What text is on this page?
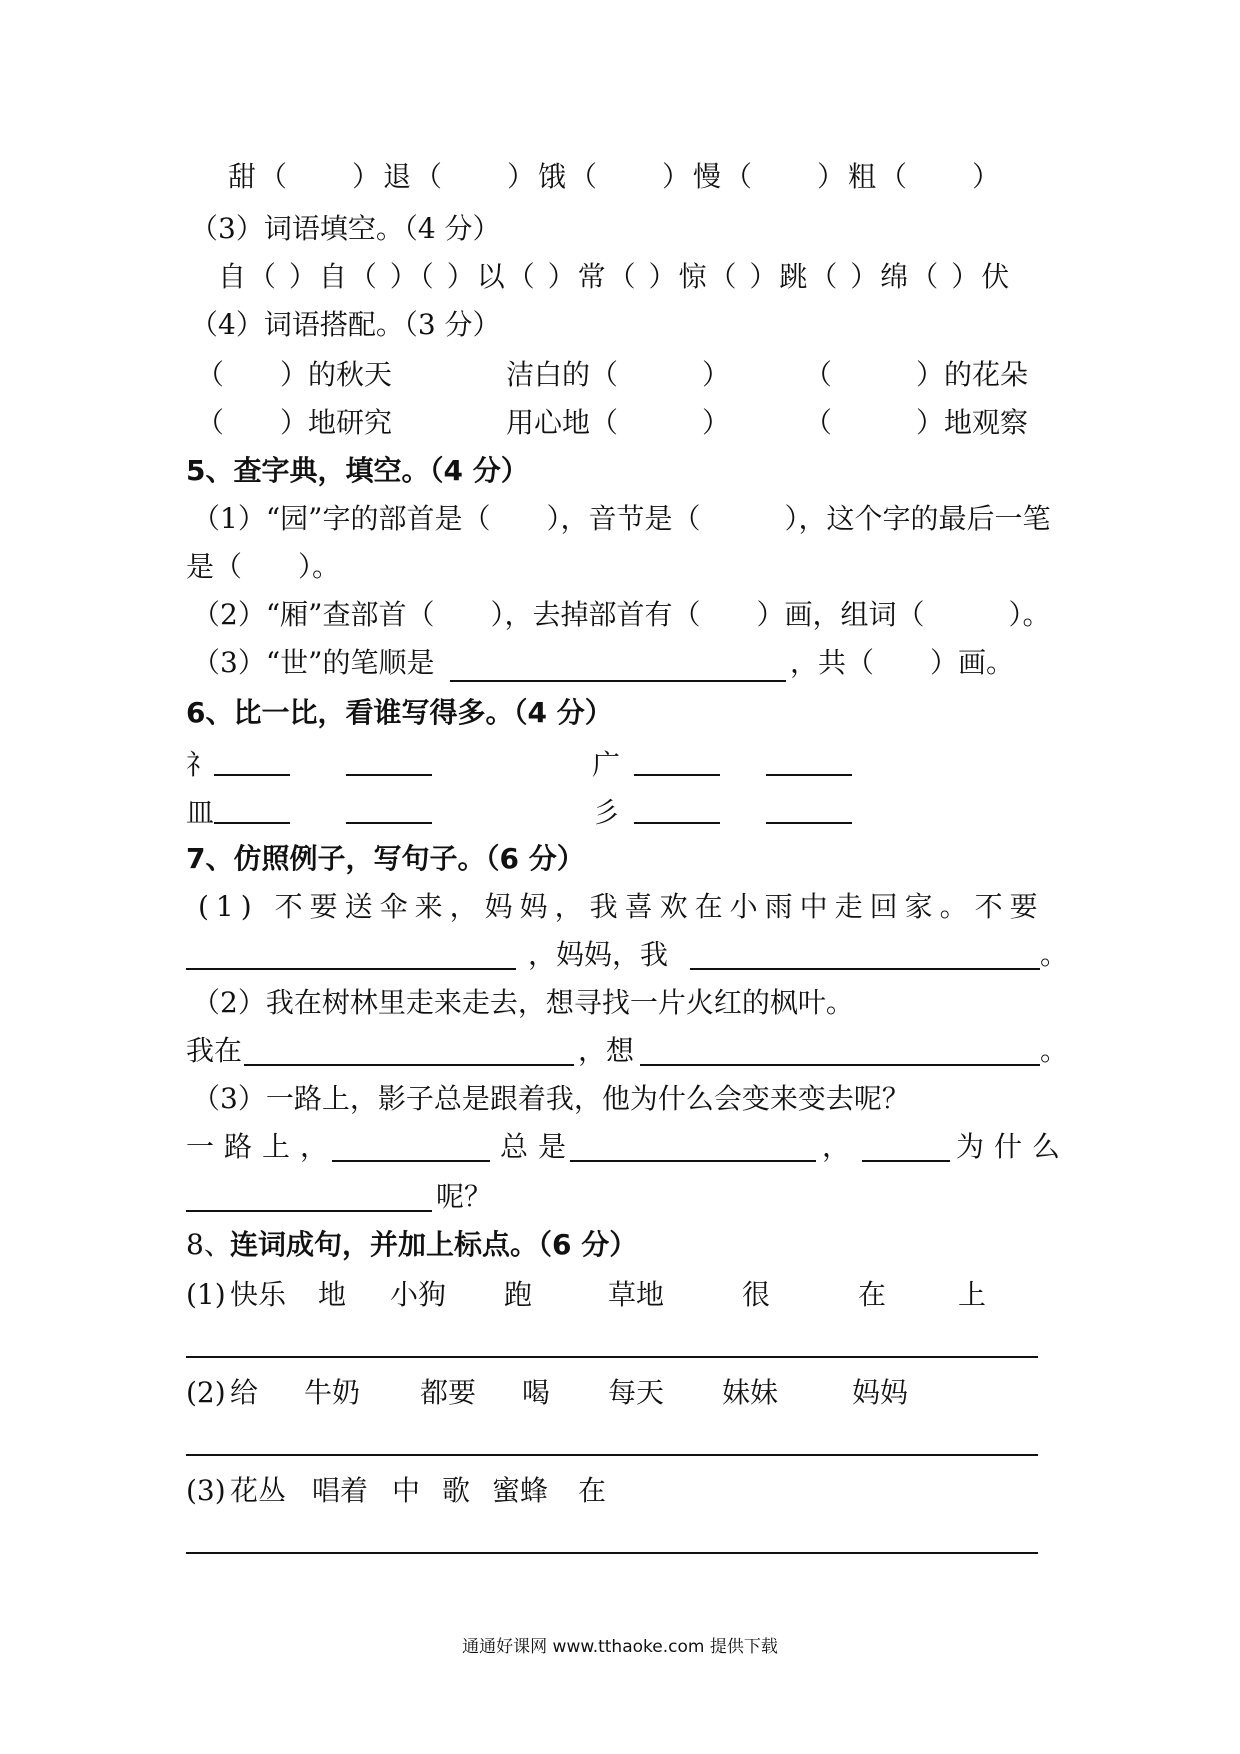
甜（　　）退（　　）饿（　　）慢（　　）粗（　　）
（3）词语填空。（4 分）
自（ ）自（ ）（ ）以（ ）常（ ）惊（ ）跳（ ）绵（ ）伏
（4）词语搭配。（3 分）
（　　）的秋天	洁白的（　　　）	（　　　）的花朵
（　　）地研究	用心地（　　　）	（　　　）地观察
5、查字典，填空。（4 分）
（1）“园”字的部首是（　　），音节是（　　　），这个字的最后一笔
是（　　）。
（2）“厢”查部首（　　），去掉部首有（　　）画，组词（　　　）。
（3）“世”的笔顺是	，共（　　）画。
6、比一比，看谁写得多。（4 分）
礻	广
皿	彡
7、仿照例子，写句子。（6 分）
(1) 不要送伞来，妈妈，我喜欢在小雨中走回家。不要
，妈妈，我	。
（2）我在树林里走来走去，想寻找一片火红的枫叶。
我在	，想	。
（3）一路上，影子总是跟着我，他为什么会变来变去呢？
一路上，	总是	，	为什么
呢？
8、
连词成句，并加上标点。（6 分）
(1) 快乐 地 小狗 跑	草地	很	在	上
(2) 给 牛奶 都要 喝 每天 妹妹	妈妈
(3) 花丛 唱着 中 歌 蜜蜂 在
通通好课网 www.tthaoke.com 提供下载
